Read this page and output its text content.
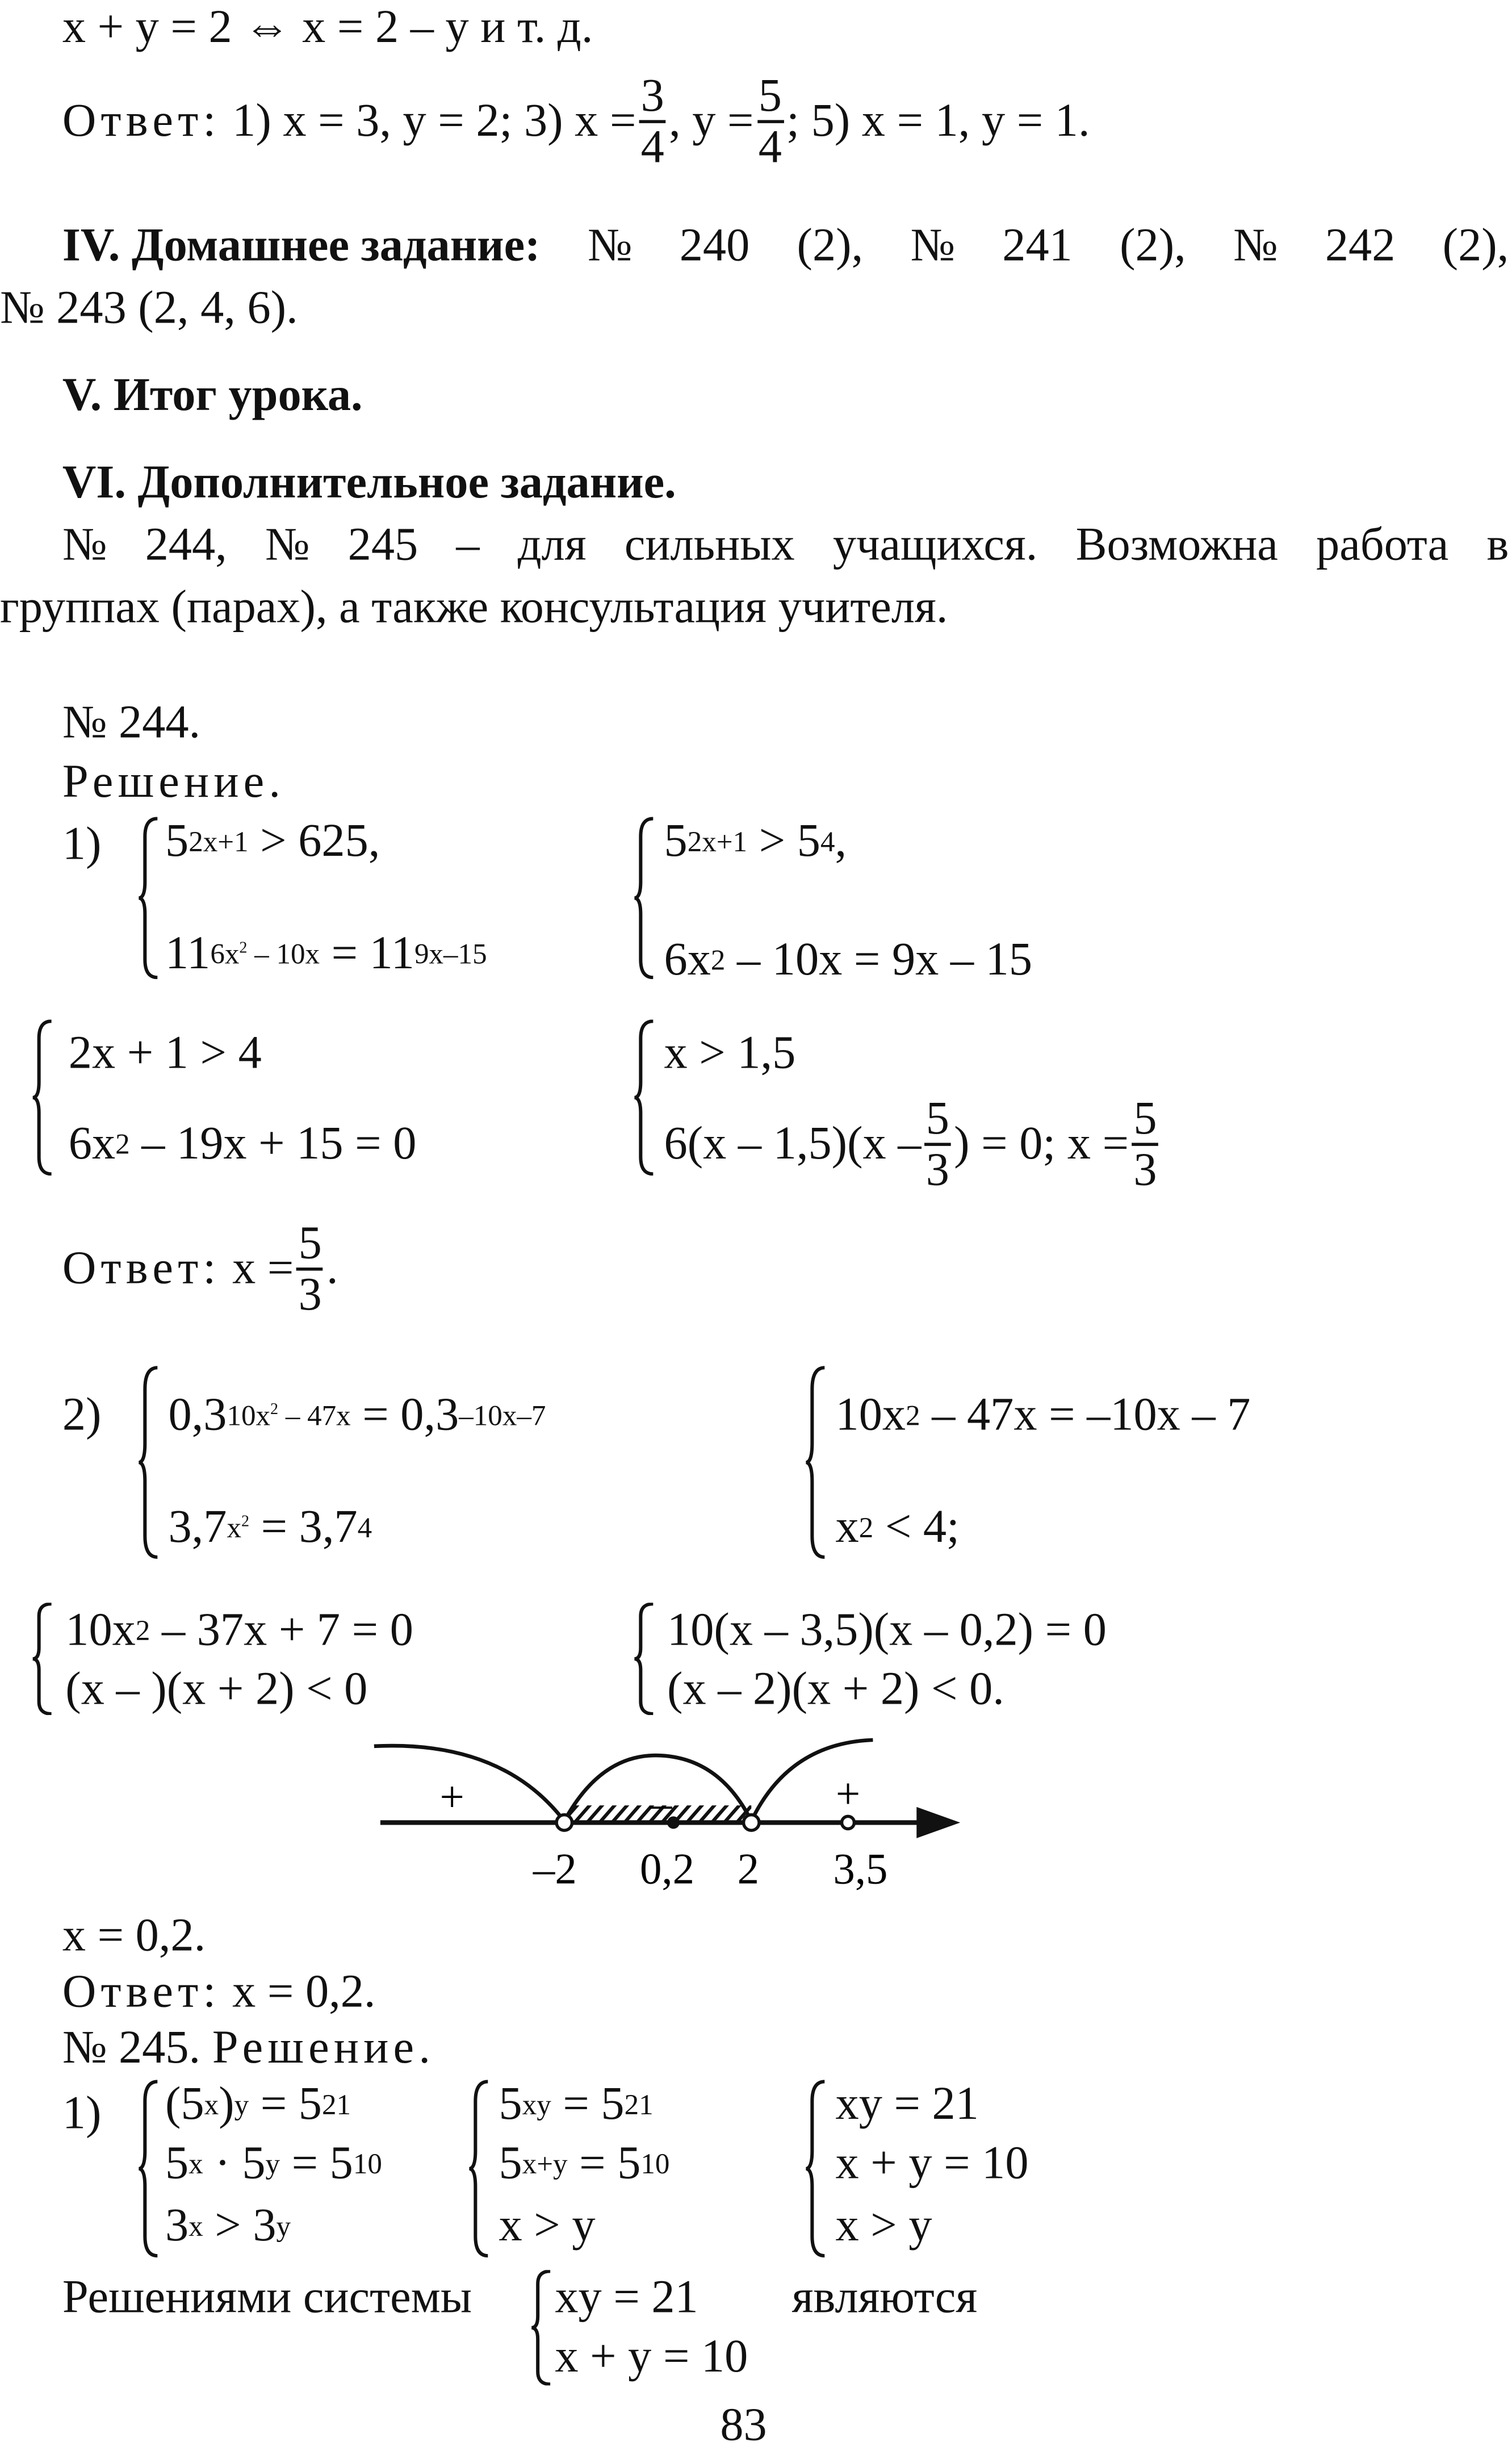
x + y = 2 ⇔ x = 2 – y и т. д.
Ответ:
1) x = 3, y = 2; 3) $x = \frac{3}{4}$ , $y = \frac{5}{4}$ ; 5) x = 1, y = 1.
IV. Домашнее задание:	№	240	(2),	№	241	(2),	№	242	(2),
№ 243 (2, 4, 6).
V. Итог урока.
VI. Дополнительное задание.
№ 244, № 245 – для сильных учащихся. Возможна работа в
группах (парах), а также консультация учителя.
№ 244.
Решение.
1)	$5^{2x+1} > 625$,
$11^{6x^2 - 10x} = 11^{9x-15}$
$5^{2x+1} > 5^4$,
$6x^2 - 10x = 9x - 15$
2x + 1 > 4
$6x^2 - 19x + 15 = 0$
x > 1,5
$6(x - 1,5)(x - \frac{5}{3}$ ) = 0; $x = \frac{5}{3}$
Ответ:
$x = \frac{5}{3}$ .
2)	$0,3^{10x^2 - 47x} = 0,3^{-10x-7}$
$3,7^{x^2} = 3,7^4$
$10x^2 - 47x = -10x - 7$
$x^2 < 4$;
$10x^2 - 37x + 7 = 0$
(x – )(x + 2) < 0
10(x – 3,5)(x – 0,2) = 0
(x – 2)(x + 2) < 0.
+	–	+
–2	0,2	2	3,5
x = 0,2.
Ответ: x = 0,2.
№ 245. Решение.
1)	$(5^x)^y = 5^{21}$
$5^x \cdot 5^y = 5^{10}$
$3^x > 3^y$
$5^{xy} = 5^{21}$
$5^{x+y} = 5^{10}$
x > y
xy = 21
x + y = 10
x > y
Решениями системы	xy = 21
x + y = 10
являются
83
